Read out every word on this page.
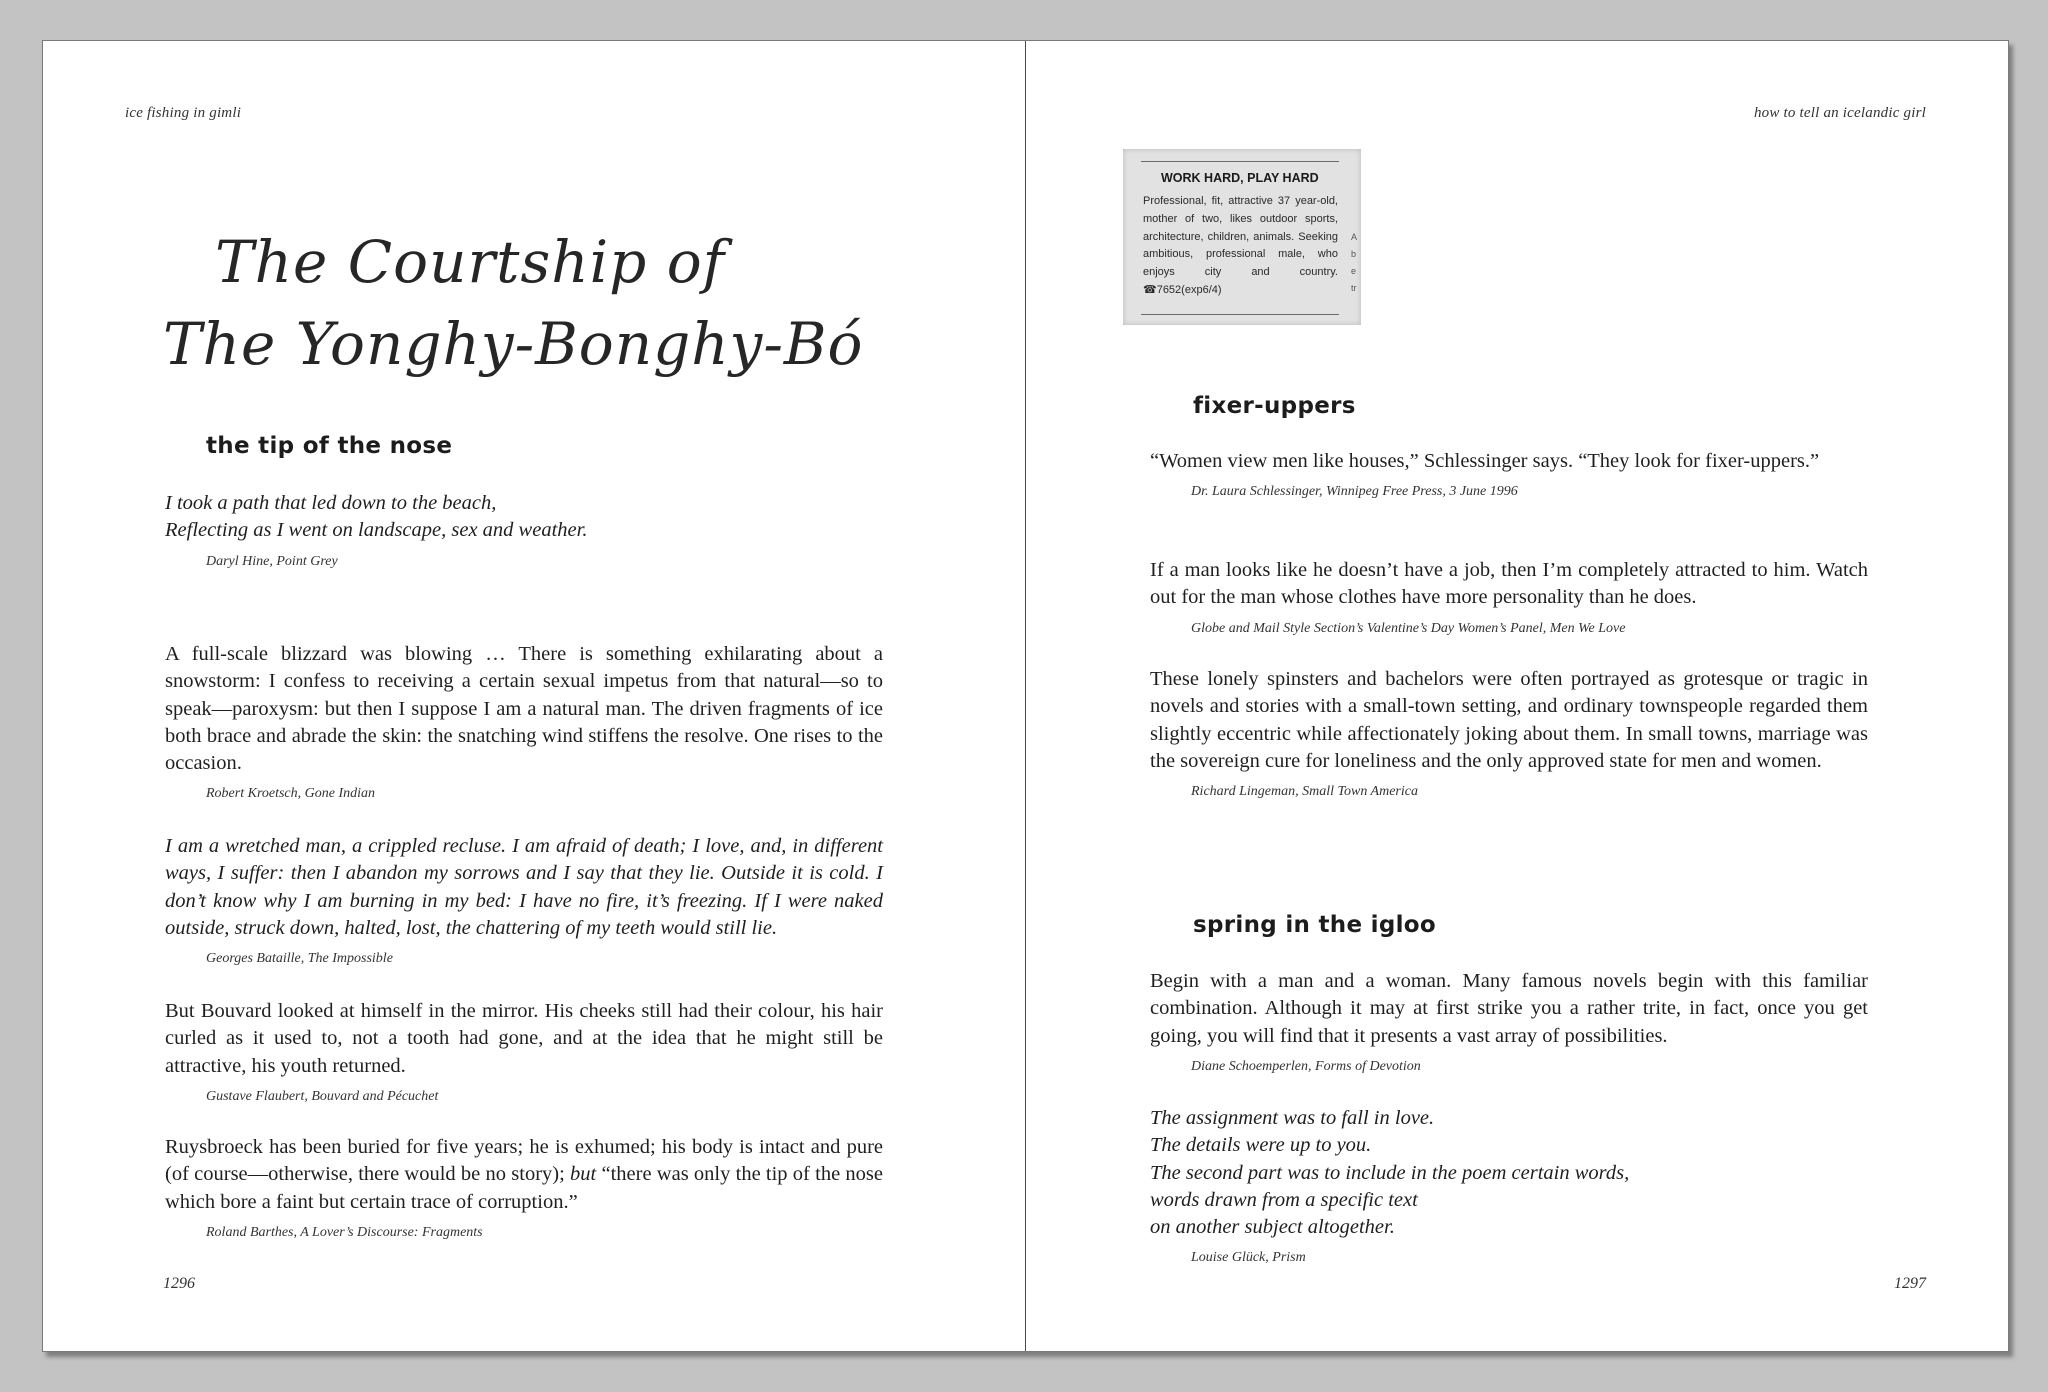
ice fishing in gimli
The Courtship of
The Yonghy-Bonghy-Bó
the tip of the nose

I took a path that led down to the beach,
Reflecting as I went on landscape, sex and weather.

Daryl Hine, Point Grey

A full-scale blizzard was blowing … There is something exhilarating about a snowstorm: I confess to receiving a certain sexual impetus from that natural—so to speak—paroxysm: but then I suppose I am a natural man. The driven fragments of ice both brace and abrade the skin: the snatching wind stiffens the resolve. One rises to the occasion.

Robert Kroetsch, Gone Indian

I am a wretched man, a crippled recluse. I am afraid of death; I love, and, in different ways, I suffer: then I abandon my sorrows and I say that they lie. Outside it is cold. I don’t know why I am burning in my bed: I have no fire, it’s freezing. If I were naked outside, struck down, halted, lost, the chattering of my teeth would still lie.

Georges Bataille, The Impossible

But Bouvard looked at himself in the mirror. His cheeks still had their colour, his hair curled as it used to, not a tooth had gone, and at the idea that he might still be attractive, his youth returned.

Gustave Flaubert, Bouvard and Pécuchet

Ruysbroeck has been buried for five years; he is exhumed; his body is intact and pure (of course—otherwise, there would be no story); but “there was only the tip of the nose which bore a faint but certain trace of corruption.”

Roland Barthes, A Lover’s Discourse: Fragments

1296
how to tell an icelandic girl
WORK HARD, PLAY HARD
Professional, fit, attractive 37 year-old, mother of two, likes outdoor sports, architecture, children, animals. Seeking ambitious, professional male, who enjoys city and country. ☎7652(exp6/4)
A
b
e
tr
fixer-uppers

“Women view men like houses,” Schlessinger says. “They look for fixer-uppers.”

Dr. Laura Schlessinger, Winnipeg Free Press, 3 June 1996

If a man looks like he doesn’t have a job, then I’m completely attracted to him. Watch out for the man whose clothes have more personality than he does.

Globe and Mail Style Section’s Valentine’s Day Women’s Panel, Men We Love

These lonely spinsters and bachelors were often portrayed as grotesque or tragic in novels and stories with a small-town setting, and ordinary townspeople regarded them slightly eccentric while affectionately joking about them. In small towns, marriage was the sovereign cure for loneliness and the only approved state for men and women.

Richard Lingeman, Small Town America

spring in the igloo

Begin with a man and a woman. Many famous novels begin with this familiar combination. Although it may at first strike you a rather trite, in fact, once you get going, you will find that it presents a vast array of possibilities.

Diane Schoemperlen, Forms of Devotion

The assignment was to fall in love.
The details were up to you.
The second part was to include in the poem certain words,
words drawn from a specific text
on another subject altogether.

Louise Glück, Prism

1297
